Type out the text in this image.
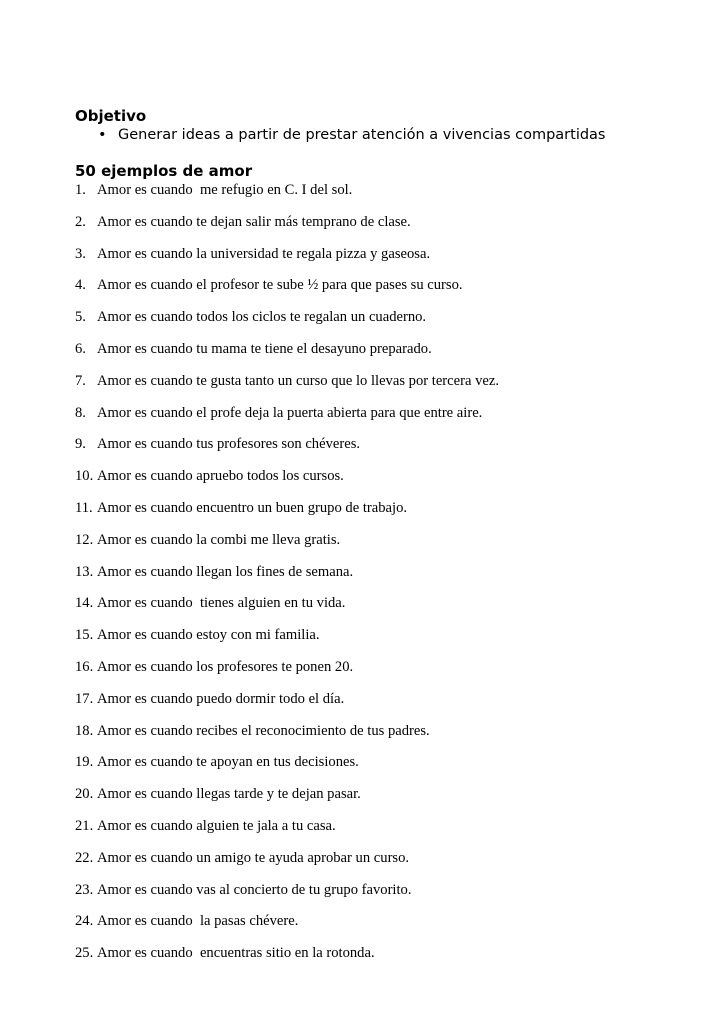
Objetivo
• Generar ideas a partir de prestar atención a vivencias compartidas
50 ejemplos de amor
1. Amor es cuando  me refugio en C. I del sol.
2. Amor es cuando te dejan salir más temprano de clase.
3. Amor es cuando la universidad te regala pizza y gaseosa.
4. Amor es cuando el profesor te sube ½ para que pases su curso.
5. Amor es cuando todos los ciclos te regalan un cuaderno.
6. Amor es cuando tu mama te tiene el desayuno preparado.
7. Amor es cuando te gusta tanto un curso que lo llevas por tercera vez.
8. Amor es cuando el profe deja la puerta abierta para que entre aire.
9. Amor es cuando tus profesores son chéveres.
10. Amor es cuando apruebo todos los cursos.
11. Amor es cuando encuentro un buen grupo de trabajo.
12. Amor es cuando la combi me lleva gratis.
13. Amor es cuando llegan los fines de semana.
14. Amor es cuando  tienes alguien en tu vida.
15. Amor es cuando estoy con mi familia.
16. Amor es cuando los profesores te ponen 20.
17. Amor es cuando puedo dormir todo el día.
18. Amor es cuando recibes el reconocimiento de tus padres.
19. Amor es cuando te apoyan en tus decisiones.
20. Amor es cuando llegas tarde y te dejan pasar.
21. Amor es cuando alguien te jala a tu casa.
22. Amor es cuando un amigo te ayuda aprobar un curso.
23. Amor es cuando vas al concierto de tu grupo favorito.
24. Amor es cuando  la pasas chévere.
25. Amor es cuando  encuentras sitio en la rotonda.
